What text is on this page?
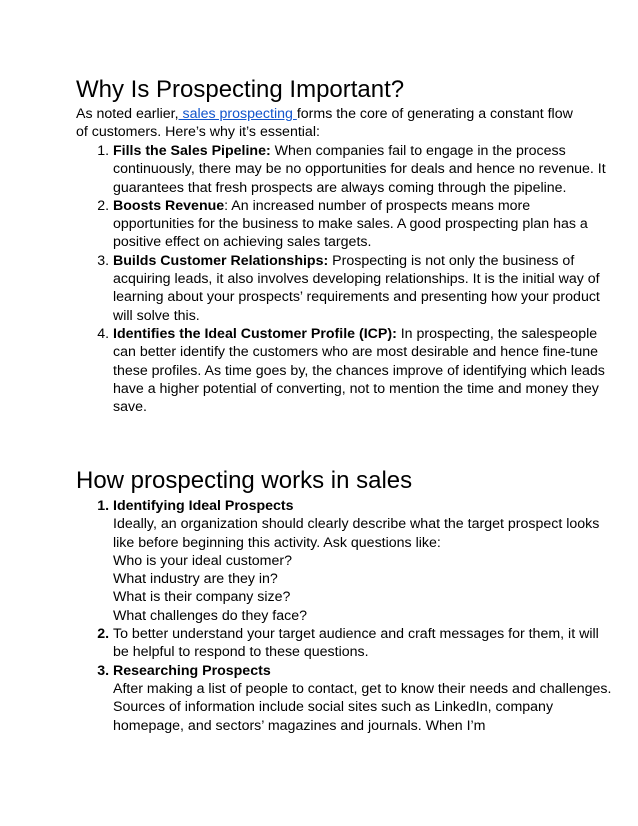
Why Is Prospecting Important?
As noted earlier, sales prospecting forms the core of generating a constant flow of customers. Here’s why it’s essential:
1. Fills the Sales Pipeline: When companies fail to engage in the process continuously, there may be no opportunities for deals and hence no revenue. It guarantees that fresh prospects are always coming through the pipeline.
2. Boosts Revenue: An increased number of prospects means more opportunities for the business to make sales. A good prospecting plan has a positive effect on achieving sales targets.
3. Builds Customer Relationships: Prospecting is not only the business of acquiring leads, it also involves developing relationships. It is the initial way of learning about your prospects’ requirements and presenting how your product will solve this.
4. Identifies the Ideal Customer Profile (ICP): In prospecting, the salespeople can better identify the customers who are most desirable and hence fine-tune these profiles. As time goes by, the chances improve of identifying which leads have a higher potential of converting, not to mention the time and money they save.
How prospecting works in sales
1. Identifying Ideal Prospects
Ideally, an organization should clearly describe what the target prospect looks like before beginning this activity. Ask questions like:
Who is your ideal customer?
What industry are they in?
What is their company size?
What challenges do they face?
2. To better understand your target audience and craft messages for them, it will be helpful to respond to these questions.
3. Researching Prospects
After making a list of people to contact, get to know their needs and challenges. Sources of information include social sites such as LinkedIn, company homepage, and sectors’ magazines and journals. When I’m
